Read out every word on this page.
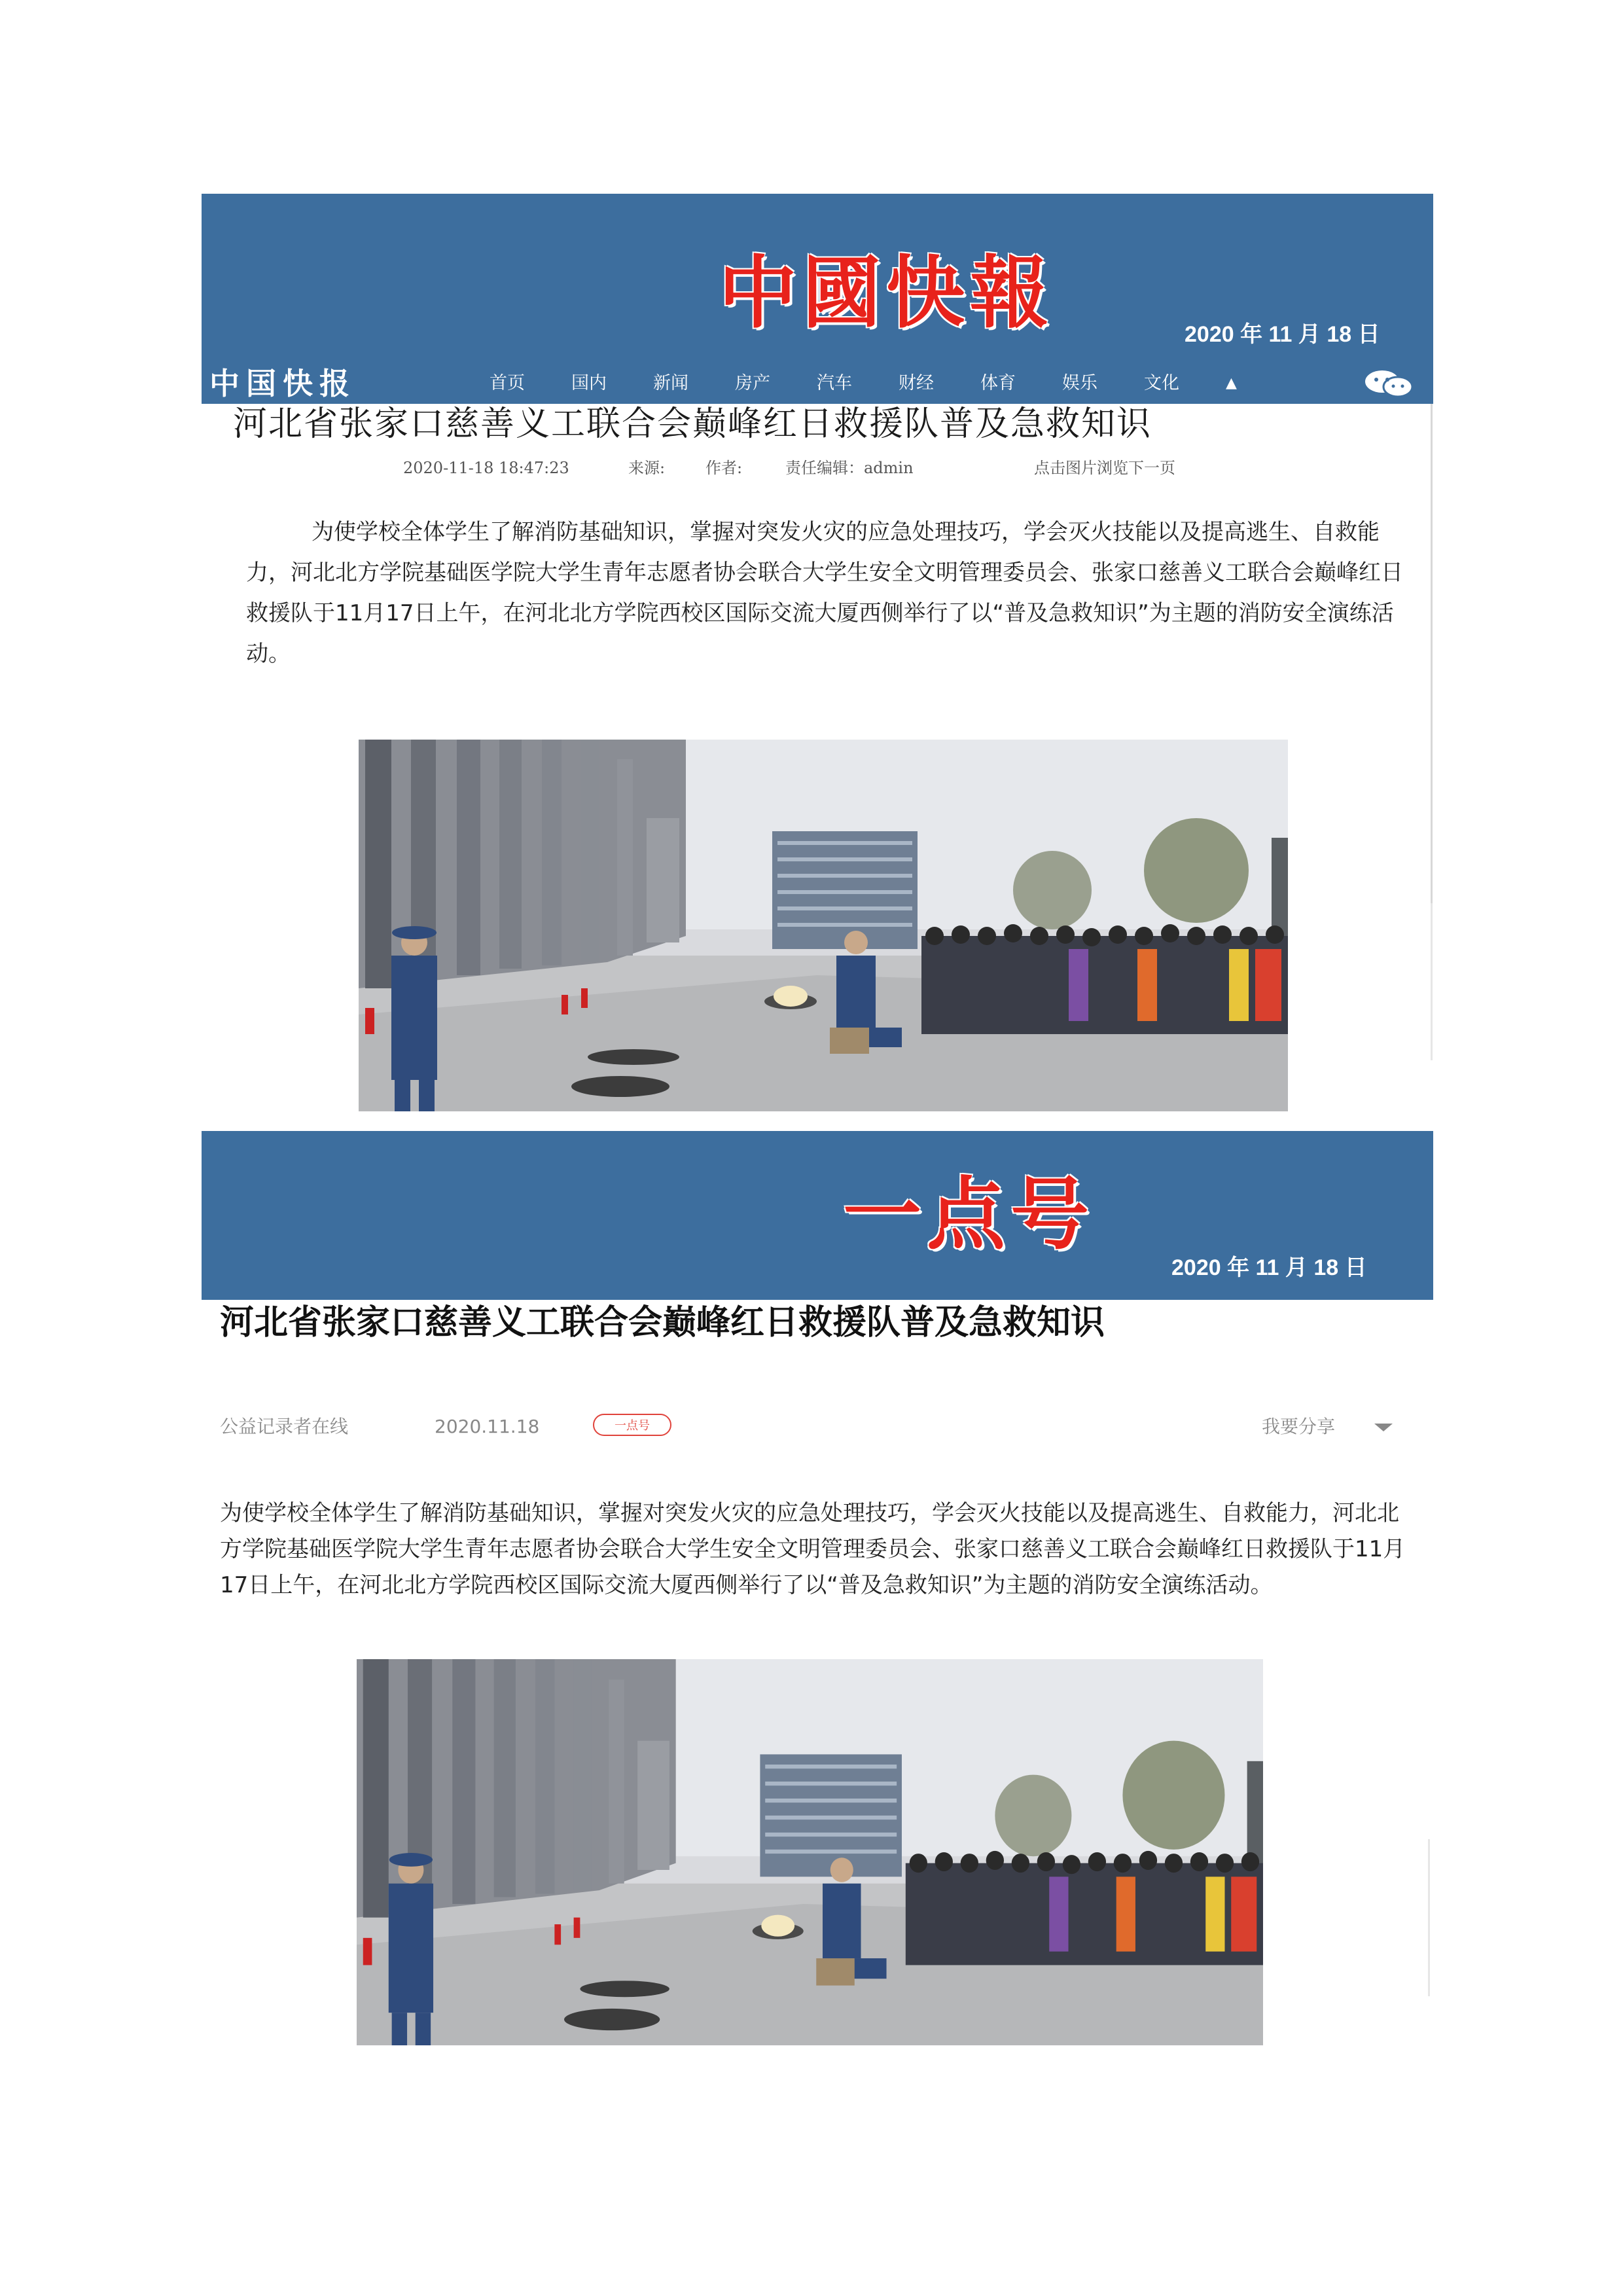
中國快報	2020 年 11 月 18 日
中国快报	首页	国内	新闻	房产	汽车	财经	体育	娱乐	文化	▲
河北省张家口慈善义工联合会巅峰红日救援队普及急救知识
2020-11-18 18:47:23	来源:	作者:	责任编辑：admin	点击图片浏览下一页

为使学校全体学生了解消防基础知识，掌握对突发火灾的应急处理技巧，学会灭火技能以及提高逃生、自救能力，河北北方学院基础医学院大学生青年志愿者协会联合大学生安全文明管理委员会、张家口慈善义工联合会巅峰红日救援队于11月17日上午，在河北北方学院西校区国际交流大厦西侧举行了以“普及急救知识”为主题的消防安全演练活动。

一点号
2020 年 11 月 18 日
河北省张家口慈善义工联合会巅峰红日救援队普及急救知识
公益记录者在线	2020.11.18	一点号	我要分享

为使学校全体学生了解消防基础知识，掌握对突发火灾的应急处理技巧，学会灭火技能以及提高逃生、自救能力，河北北方学院基础医学院大学生青年志愿者协会联合大学生安全文明管理委员会、张家口慈善义工联合会巅峰红日救援队于11月17日上午，在河北北方学院西校区国际交流大厦西侧举行了以“普及急救知识”为主题的消防安全演练活动。
